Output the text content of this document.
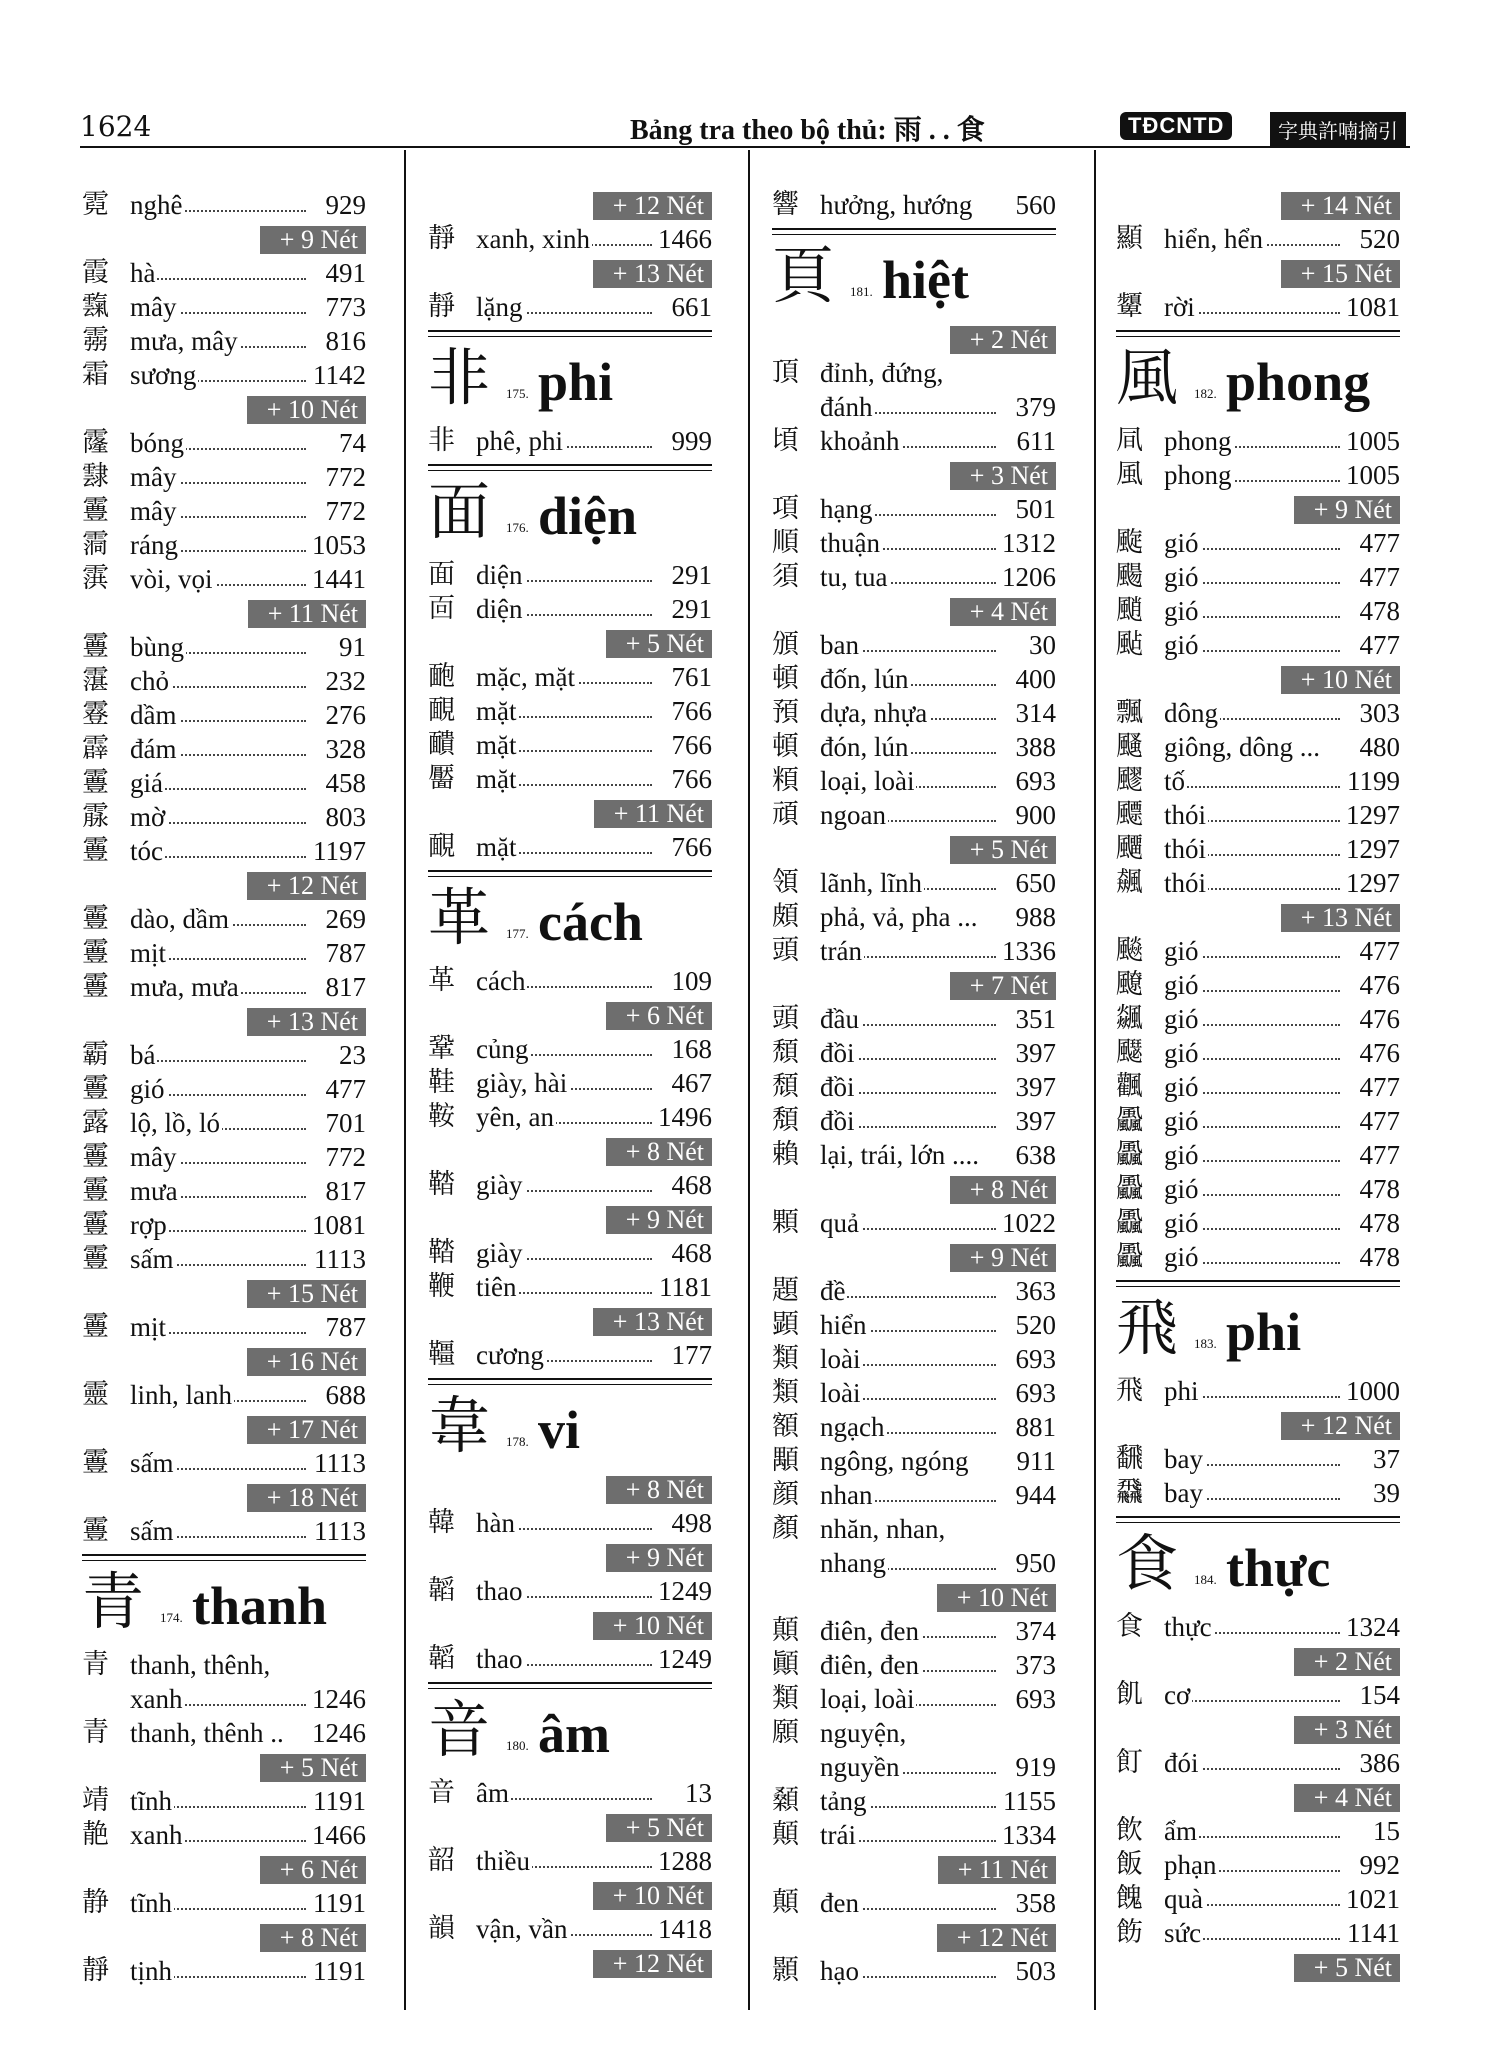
1624	Bảng tra theo bộ thủ: 雨 . . 食	TĐCNTD	字典許喃摘引
霓 nghê	929
+ 9 Nét
霞 hà	491
霼 mây	773
霛 mưa, mây	816
霜 sương	1142
+ 10 Nét
霳 bóng	74
霴 mây	772
霻 mây	772
霘 ráng	1053
霟 vòi, vọi	1441
+ 11 Nét
霻 bùng	91
霮 chỏ	232
霯 dầm	276
霹 đám	328
霻 giá	458
霡 mờ	803
霻 tóc	1197
+ 12 Nét
霻 dào, dầm	269
霻 mịt	787
霻 mưa, mưa	817
+ 13 Nét
霸 bá	23
霻 gió	477
露 lộ, lồ, ló	701
霻 mây	772
霻 mưa	817
霻 rợp	1081
霻 sấm	1113
+ 15 Nét
霻 mịt	787
+ 16 Nét
靈 linh, lanh	688
+ 17 Nét
霻 sấm	1113
+ 18 Nét
霻 sấm	1113
青 174. thanh
青 thanh, thênh,
xanh	1246
青 thanh, thênh ..	1246
+ 5 Nét
靖 tĩnh	1191
靘 xanh	1466
+ 6 Nét
静 tĩnh	1191
+ 8 Nét
靜 tịnh	1191
+ 12 Nét
靜 xanh, xinh	1466
+ 13 Nét
靜 lặng	661
非 175. phi
非 phê, phi	999
面 176. diện
面 diện	291
靣 diện	291
+ 5 Nét
靤 mặc, mặt	761
靦 mặt	766
靧 mặt	766
靨 mặt	766
+ 11 Nét
靦 mặt	766
革 177. cách
革 cách	109
+ 6 Nét
鞏 củng	168
鞋 giày, hài	467
鞍 yên, an	1496
+ 8 Nét
鞜 giày	468
+ 9 Nét
鞜 giày	468
鞭 tiên	1181
+ 13 Nét
韁 cương	177
韋 178. vi
+ 8 Nét
韓 hàn	498
+ 9 Nét
韜 thao	1249
+ 10 Nét
韜 thao	1249
音 180. âm
音 âm	13
+ 5 Nét
韶 thiều	1288
+ 10 Nét
韻 vận, vần	1418
+ 12 Nét
響 hưởng, hướng	560
頁 181. hiệt
+ 2 Nét
頂 đỉnh, đứng,
đánh	379
頃 khoảnh	611
+ 3 Nét
項 hạng	501
順 thuận	1312
須 tu, tua	1206
+ 4 Nét
頒 ban	30
頓 đốn, lún	400
預 dựa, nhựa	314
頓 đón, lún	388
頪 loại, loài	693
頑 ngoan	900
+ 5 Nét
領 lãnh, lĩnh	650
頗 phả, vả, pha ...	988
頭 trán	1336
+ 7 Nét
頭 đầu	351
頹 đồi	397
頹 đồi	397
頽 đồi	397
賴 lại, trái, lớn ....	638
+ 8 Nét
顆 quả	1022
+ 9 Nét
題 đề	363
顕 hiển	520
類 loài	693
類 loài	693
額 ngạch	881
顒 ngông, ngóng	911
顔 nhan	944
顏 nhăn, nhan,
nhang	950
+ 10 Nét
顛 điên, đen	374
顚 điên, đen	373
類 loại, loài	693
願 nguyện,
nguyền	919
顙 tảng	1155
顛 trái	1334
+ 11 Nét
顛 đen	358
+ 12 Nét
顥 hạo	503
+ 14 Nét
顯 hiển, hển	520
+ 15 Nét
顰 rời	1081
風 182. phong
凬 phong	1005
風 phong	1005
+ 9 Nét
颴 gió	477
颺 gió	477
颵 gió	478
颭 gió	477
+ 10 Nét
飄 dông	303
颾 giông, dông ...	480
飂 tố	1199
飃 thói	1297
飅 thói	1297
飆 thói	1297
+ 13 Nét
飈 gió	477
飉 gió	476
飊 gió	476
飋 gió	476
飌 gió	477
飍 gió	477
飍 gió	477
飍 gió	478
飍 gió	478
飍 gió	478
飛 183. phi
飛 phi	1000
+ 12 Nét
飜 bay	37
飝 bay	39
食 184. thực
食 thực	1324
+ 2 Nét
飢 cơ	154
+ 3 Nét
飣 đói	386
+ 4 Nét
飲 ẩm	15
飯 phạn	992
餽 quà	1021
飭 sức	1141
+ 5 Nét
